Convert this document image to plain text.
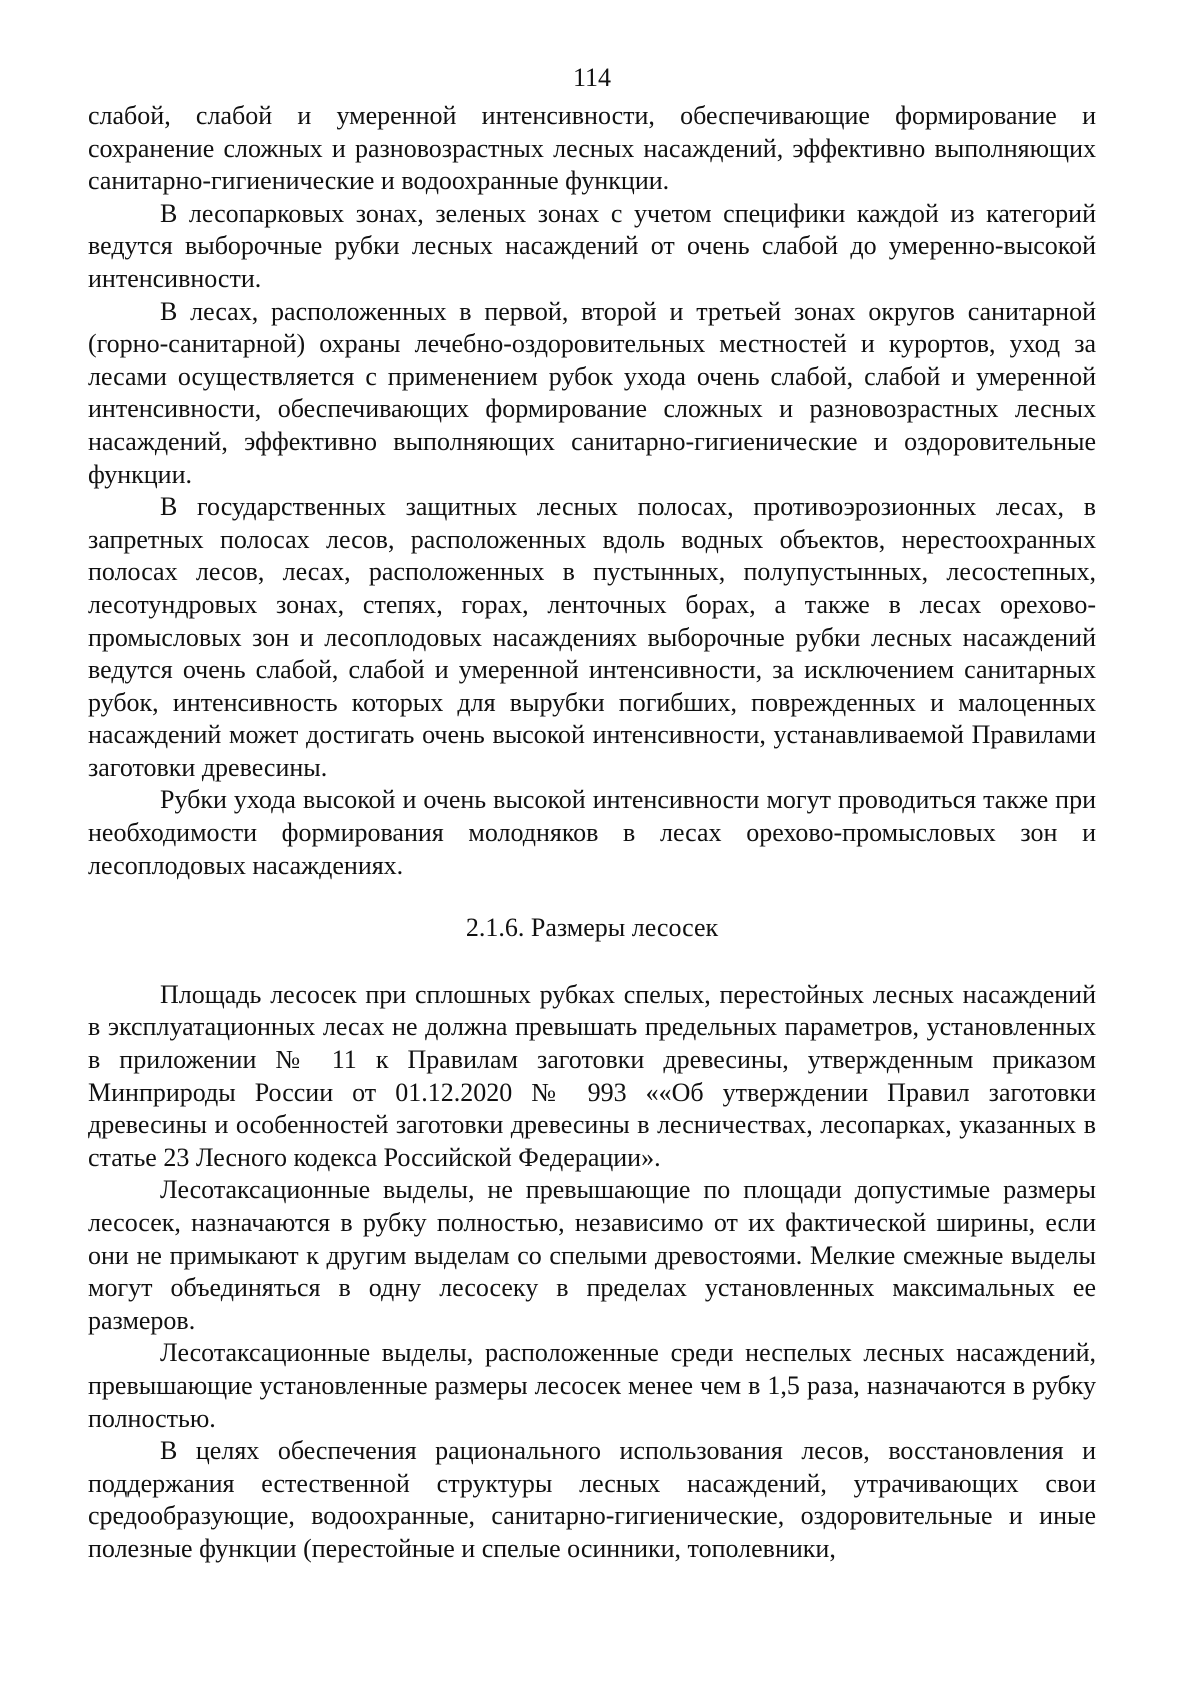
114

слабой, слабой и умеренной интенсивности, обеспечивающие формирование и сохранение сложных и разновозрастных лесных насаждений, эффективно выполняющих санитарно-гигиенические и водоохранные функции.

В лесопарковых зонах, зеленых зонах с учетом специфики каждой из категорий ведутся выборочные рубки лесных насаждений от очень слабой до умеренно-высокой интенсивности.

В лесах, расположенных в первой, второй и третьей зонах округов санитарной (горно-санитарной) охраны лечебно-оздоровительных местностей и курортов, уход за лесами осуществляется с применением рубок ухода очень слабой, слабой и умеренной интенсивности, обеспечивающих формирование сложных и разновозрастных лесных насаждений, эффективно выполняющих санитарно-гигиенические и оздоровительные функции.

В государственных защитных лесных полосах, противоэрозионных лесах, в запретных полосах лесов, расположенных вдоль водных объектов, нерестоохранных полосах лесов, лесах, расположенных в пустынных, полупустынных, лесостепных, лесотундровых зонах, степях, горах, ленточных борах, а также в лесах орехово-промысловых зон и лесоплодовых насаждениях выборочные рубки лесных насаждений ведутся очень слабой, слабой и умеренной интенсивности, за исключением санитарных рубок, интенсивность которых для вырубки погибших, поврежденных и малоценных насаждений может достигать очень высокой интенсивности, устанавливаемой Правилами заготовки древесины.

Рубки ухода высокой и очень высокой интенсивности могут проводиться также при необходимости формирования молодняков в лесах орехово-промысловых зон и лесоплодовых насаждениях.

2.1.6. Размеры лесосек

Площадь лесосек при сплошных рубках спелых, перестойных лесных насаждений в эксплуатационных лесах не должна превышать предельных параметров, установленных в приложении № 11 к Правилам заготовки древесины, утвержденным приказом Минприроды России от 01.12.2020 № 993 ««Об утверждении Правил заготовки древесины и особенностей заготовки древесины в лесничествах, лесопарках, указанных в статье 23 Лесного кодекса Российской Федерации».

Лесотаксационные выделы, не превышающие по площади допустимые размеры лесосек, назначаются в рубку полностью, независимо от их фактической ширины, если они не примыкают к другим выделам со спелыми древостоями. Мелкие смежные выделы могут объединяться в одну лесосеку в пределах установленных максимальных ее размеров.

Лесотаксационные выделы, расположенные среди неспелых лесных насаждений, превышающие установленные размеры лесосек менее чем в 1,5 раза, назначаются в рубку полностью.

В целях обеспечения рационального использования лесов, восстановления и поддержания естественной структуры лесных насаждений, утрачивающих свои средообразующие, водоохранные, санитарно-гигиенические, оздоровительные и иные полезные функции (перестойные и спелые осинники, тополевники,
